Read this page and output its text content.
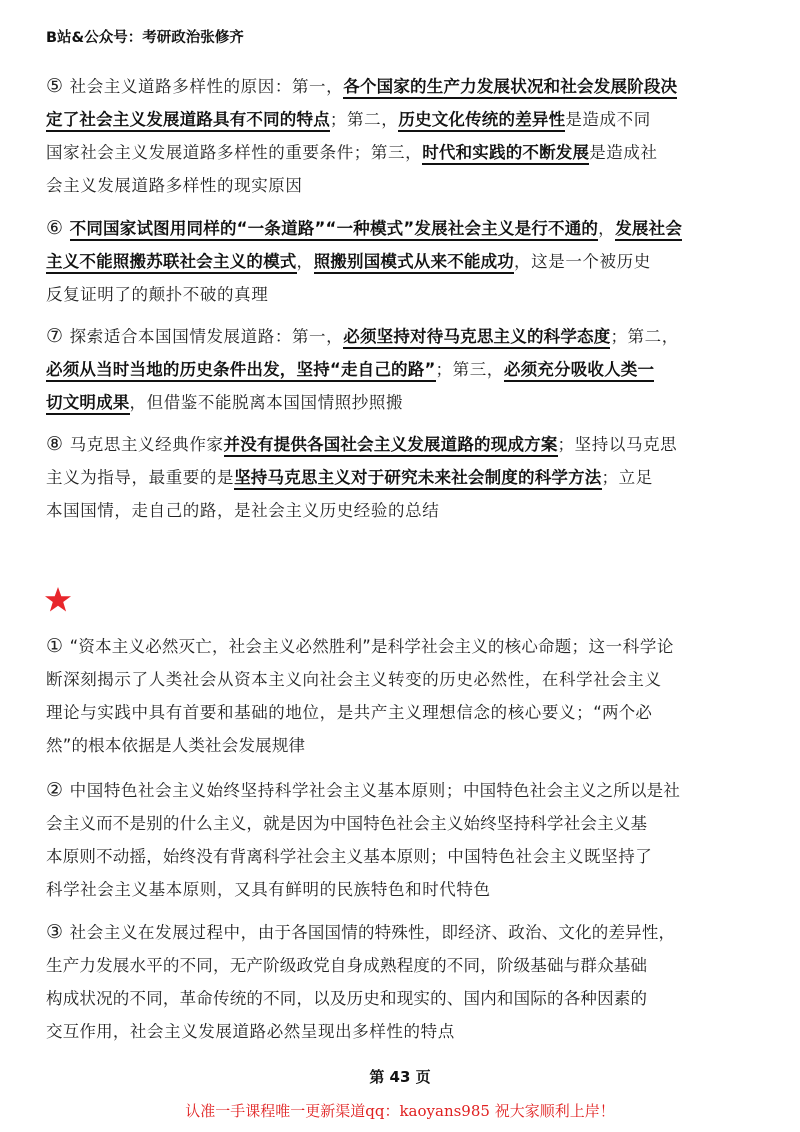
B站&公众号：考研政治张修齐
⑤ 社会主义道路多样性的原因：第一，各个国家的生产力发展状况和社会发展阶段决
定了社会主义发展道路具有不同的特点；第二，历史文化传统的差异性是造成不同
国家社会主义发展道路多样性的重要条件；第三，时代和实践的不断发展是造成社
会主义发展道路多样性的现实原因
⑥ 不同国家试图用同样的“一条道路”“一种模式”发展社会主义是行不通的，发展社会
主义不能照搬苏联社会主义的模式，照搬别国模式从来不能成功，这是一个被历史
反复证明了的颠扑不破的真理
⑦ 探索适合本国国情发展道路：第一，必须坚持对待马克思主义的科学态度；第二，
必须从当时当地的历史条件出发，坚持“走自己的路”；第三，必须充分吸收人类一
切文明成果，但借鉴不能脱离本国国情照抄照搬
⑧ 马克思主义经典作家并没有提供各国社会主义发展道路的现成方案；坚持以马克思
主义为指导，最重要的是坚持马克思主义对于研究未来社会制度的科学方法；立足
本国国情，走自己的路，是社会主义历史经验的总结
① “资本主义必然灭亡，社会主义必然胜利”是科学社会主义的核心命题；这一科学论
断深刻揭示了人类社会从资本主义向社会主义转变的历史必然性，在科学社会主义
理论与实践中具有首要和基础的地位，是共产主义理想信念的核心要义；“两个必
然”的根本依据是人类社会发展规律
② 中国特色社会主义始终坚持科学社会主义基本原则；中国特色社会主义之所以是社
会主义而不是别的什么主义，就是因为中国特色社会主义始终坚持科学社会主义基
本原则不动摇，始终没有背离科学社会主义基本原则；中国特色社会主义既坚持了
科学社会主义基本原则，又具有鲜明的民族特色和时代特色
③ 社会主义在发展过程中，由于各国国情的特殊性，即经济、政治、文化的差异性，
生产力发展水平的不同，无产阶级政党自身成熟程度的不同，阶级基础与群众基础
构成状况的不同，革命传统的不同，以及历史和现实的、国内和国际的各种因素的
交互作用，社会主义发展道路必然呈现出多样性的特点
第 43 页
认准一手课程唯一更新渠道qq：kaoyans985 祝大家顺利上岸！
